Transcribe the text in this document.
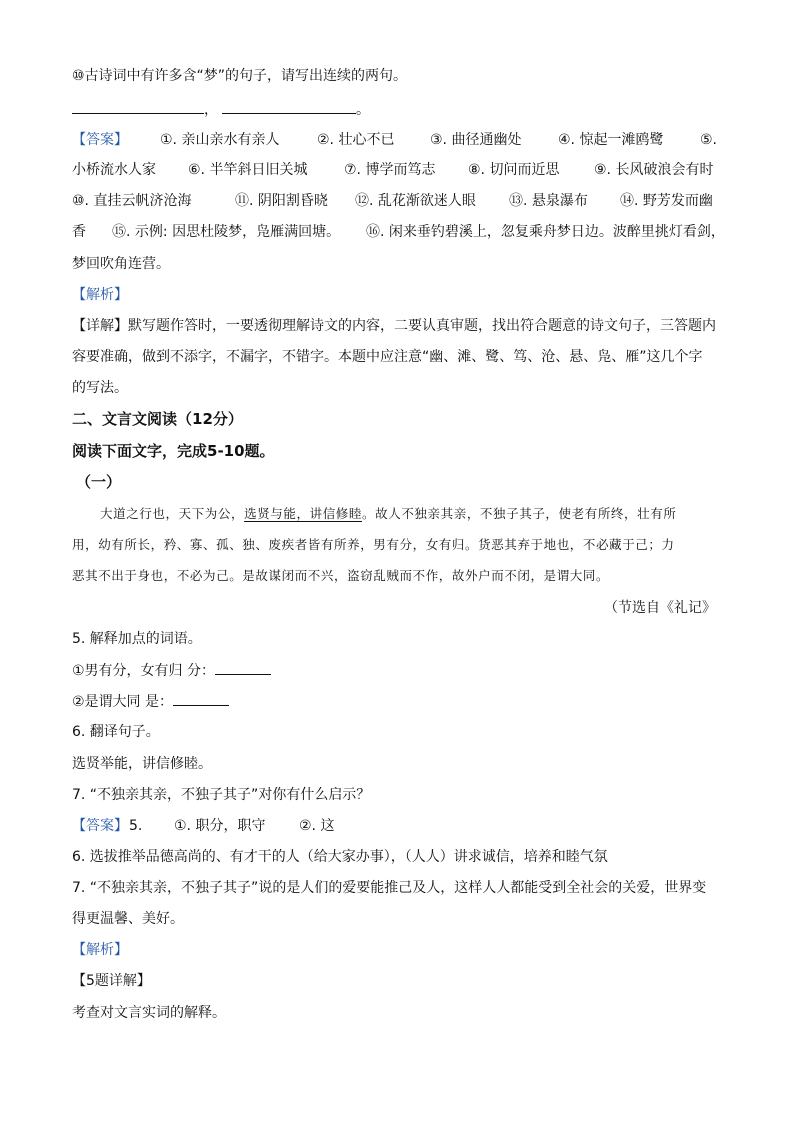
⑩古诗词中有许多含“梦”的句子，请写出连续的两句。
，	。
【答案】 ①. 亲山亲水有亲人	②. 壮心不已	③. 曲径通幽处	④. 惊起一滩鸥鹭	⑤.
小桥流水人家 ⑥. 半竿斜日旧关城	⑦. 博学而笃志 ⑧. 切问而近思 ⑨. 长风破浪会有时
⑩. 直挂云帆济沧海	⑪. 阴阳割昏晓 ⑫. 乱花渐欲迷人眼 ⑬. 悬泉瀑布 ⑭. 野芳发而幽
香 ⑮. 示例: 因思杜陵梦，凫雁满回塘。 ⑯. 闲来垂钓碧溪上，忽复乘舟梦日边。波醉里挑灯看剑，
梦回吹角连营。
【解析】
【详解】默写题作答时，一要透彻理解诗文的内容，二要认真审题，找出符合题意的诗文句子，三答题内
容要准确，做到不添字，不漏字，不错字。本题中应注意“幽、滩、鹭、笃、沧、悬、凫、雁”这几个字
的写法。
二、文言文阅读（12分）
阅读下面文字，完成5-10题。
（一）
大道之行也，天下为公，选贤与能，讲信修睦。故人不独亲其亲，不独子其子，使老有所终，壮有所
用，幼有所长，矜、寡、孤、独、废疾者皆有所养，男有分，女有归。货恶其弃于地也，不必藏于己；力
恶其不出于身也，不必为己。是故谋闭而不兴，盗窃乱贼而不作，故外户而不闭，是谓大同。
（节选自《礼记》
5. 解释加点的词语。
①男有分，女有归 分：
②是谓大同 是：
6. 翻译句子。
选贤举能，讲信修睦。
7. “不独亲其亲，不独子其子”对你有什么启示？
【答案】 5. ①. 职分，职守 ②. 这
6. 选拔推举品德高尚的、有才干的人（给大家办事），（人人）讲求诚信，培养和睦气氛
7. “不独亲其亲，不独子其子”说的是人们的爱要能推己及人，这样人人都能受到全社会的关爱，世界变
得更温馨、美好。
【解析】
【5题详解】
考查对文言实词的解释。
